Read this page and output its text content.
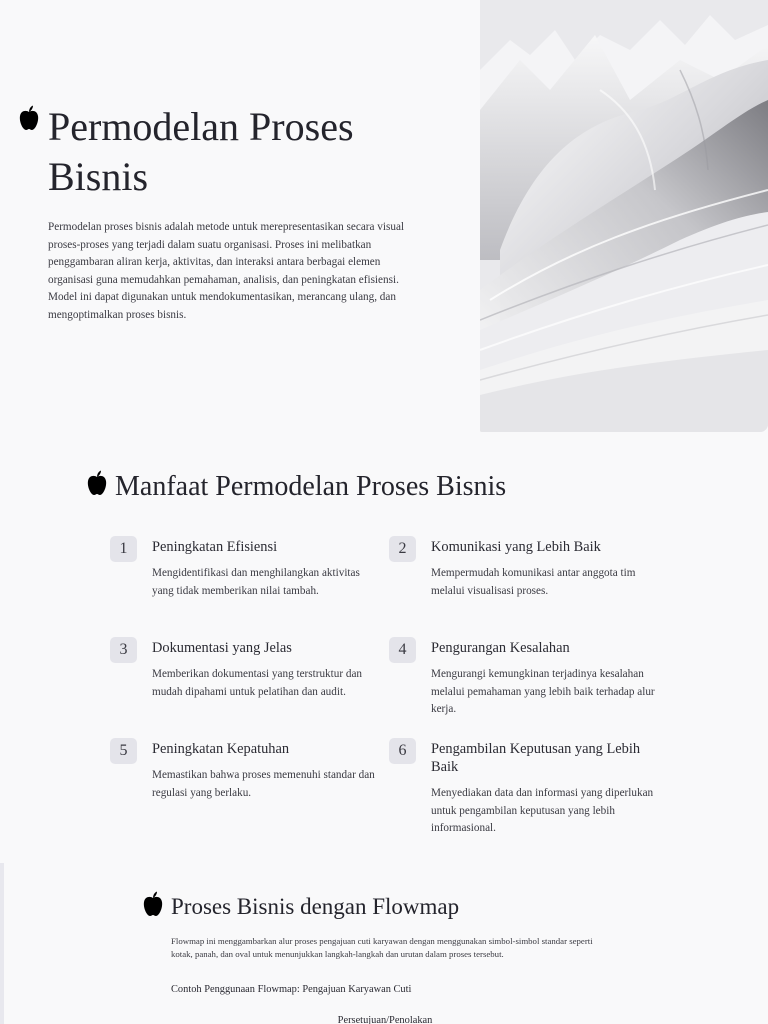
Permodelan Proses Bisnis

Permodelan proses bisnis adalah metode untuk merepresentasikan secara visual proses-proses yang terjadi dalam suatu organisasi. Proses ini melibatkan penggambaran aliran kerja, aktivitas, dan interaksi antara berbagai elemen organisasi guna memudahkan pemahaman, analisis, dan peningkatan efisiensi. Model ini dapat digunakan untuk mendokumentasikan, merancang ulang, dan mengoptimalkan proses bisnis.

Manfaat Permodelan Proses Bisnis
1	Peningkatan Efisiensi
Mengidentifikasi dan menghilangkan aktivitas yang tidak memberikan nilai tambah.
2	Komunikasi yang Lebih Baik
Mempermudah komunikasi antar anggota tim melalui visualisasi proses.
3	Dokumentasi yang Jelas
Memberikan dokumentasi yang terstruktur dan mudah dipahami untuk pelatihan dan audit.
4	Pengurangan Kesalahan
Mengurangi kemungkinan terjadinya kesalahan melalui pemahaman yang lebih baik terhadap alur kerja.
5	Peningkatan Kepatuhan
Memastikan bahwa proses memenuhi standar dan regulasi yang berlaku.
6	Pengambilan Keputusan yang Lebih Baik
Menyediakan data dan informasi yang diperlukan untuk pengambilan keputusan yang lebih informasional.
Proses Bisnis dengan Flowmap

Flowmap ini menggambarkan alur proses pengajuan cuti karyawan dengan menggunakan simbol-simbol standar seperti kotak, panah, dan oval untuk menunjukkan langkah-langkah dan urutan dalam proses tersebut.

Contoh Penggunaan Flowmap: Pengajuan Karyawan Cuti

Persetujuan/Penolakan
